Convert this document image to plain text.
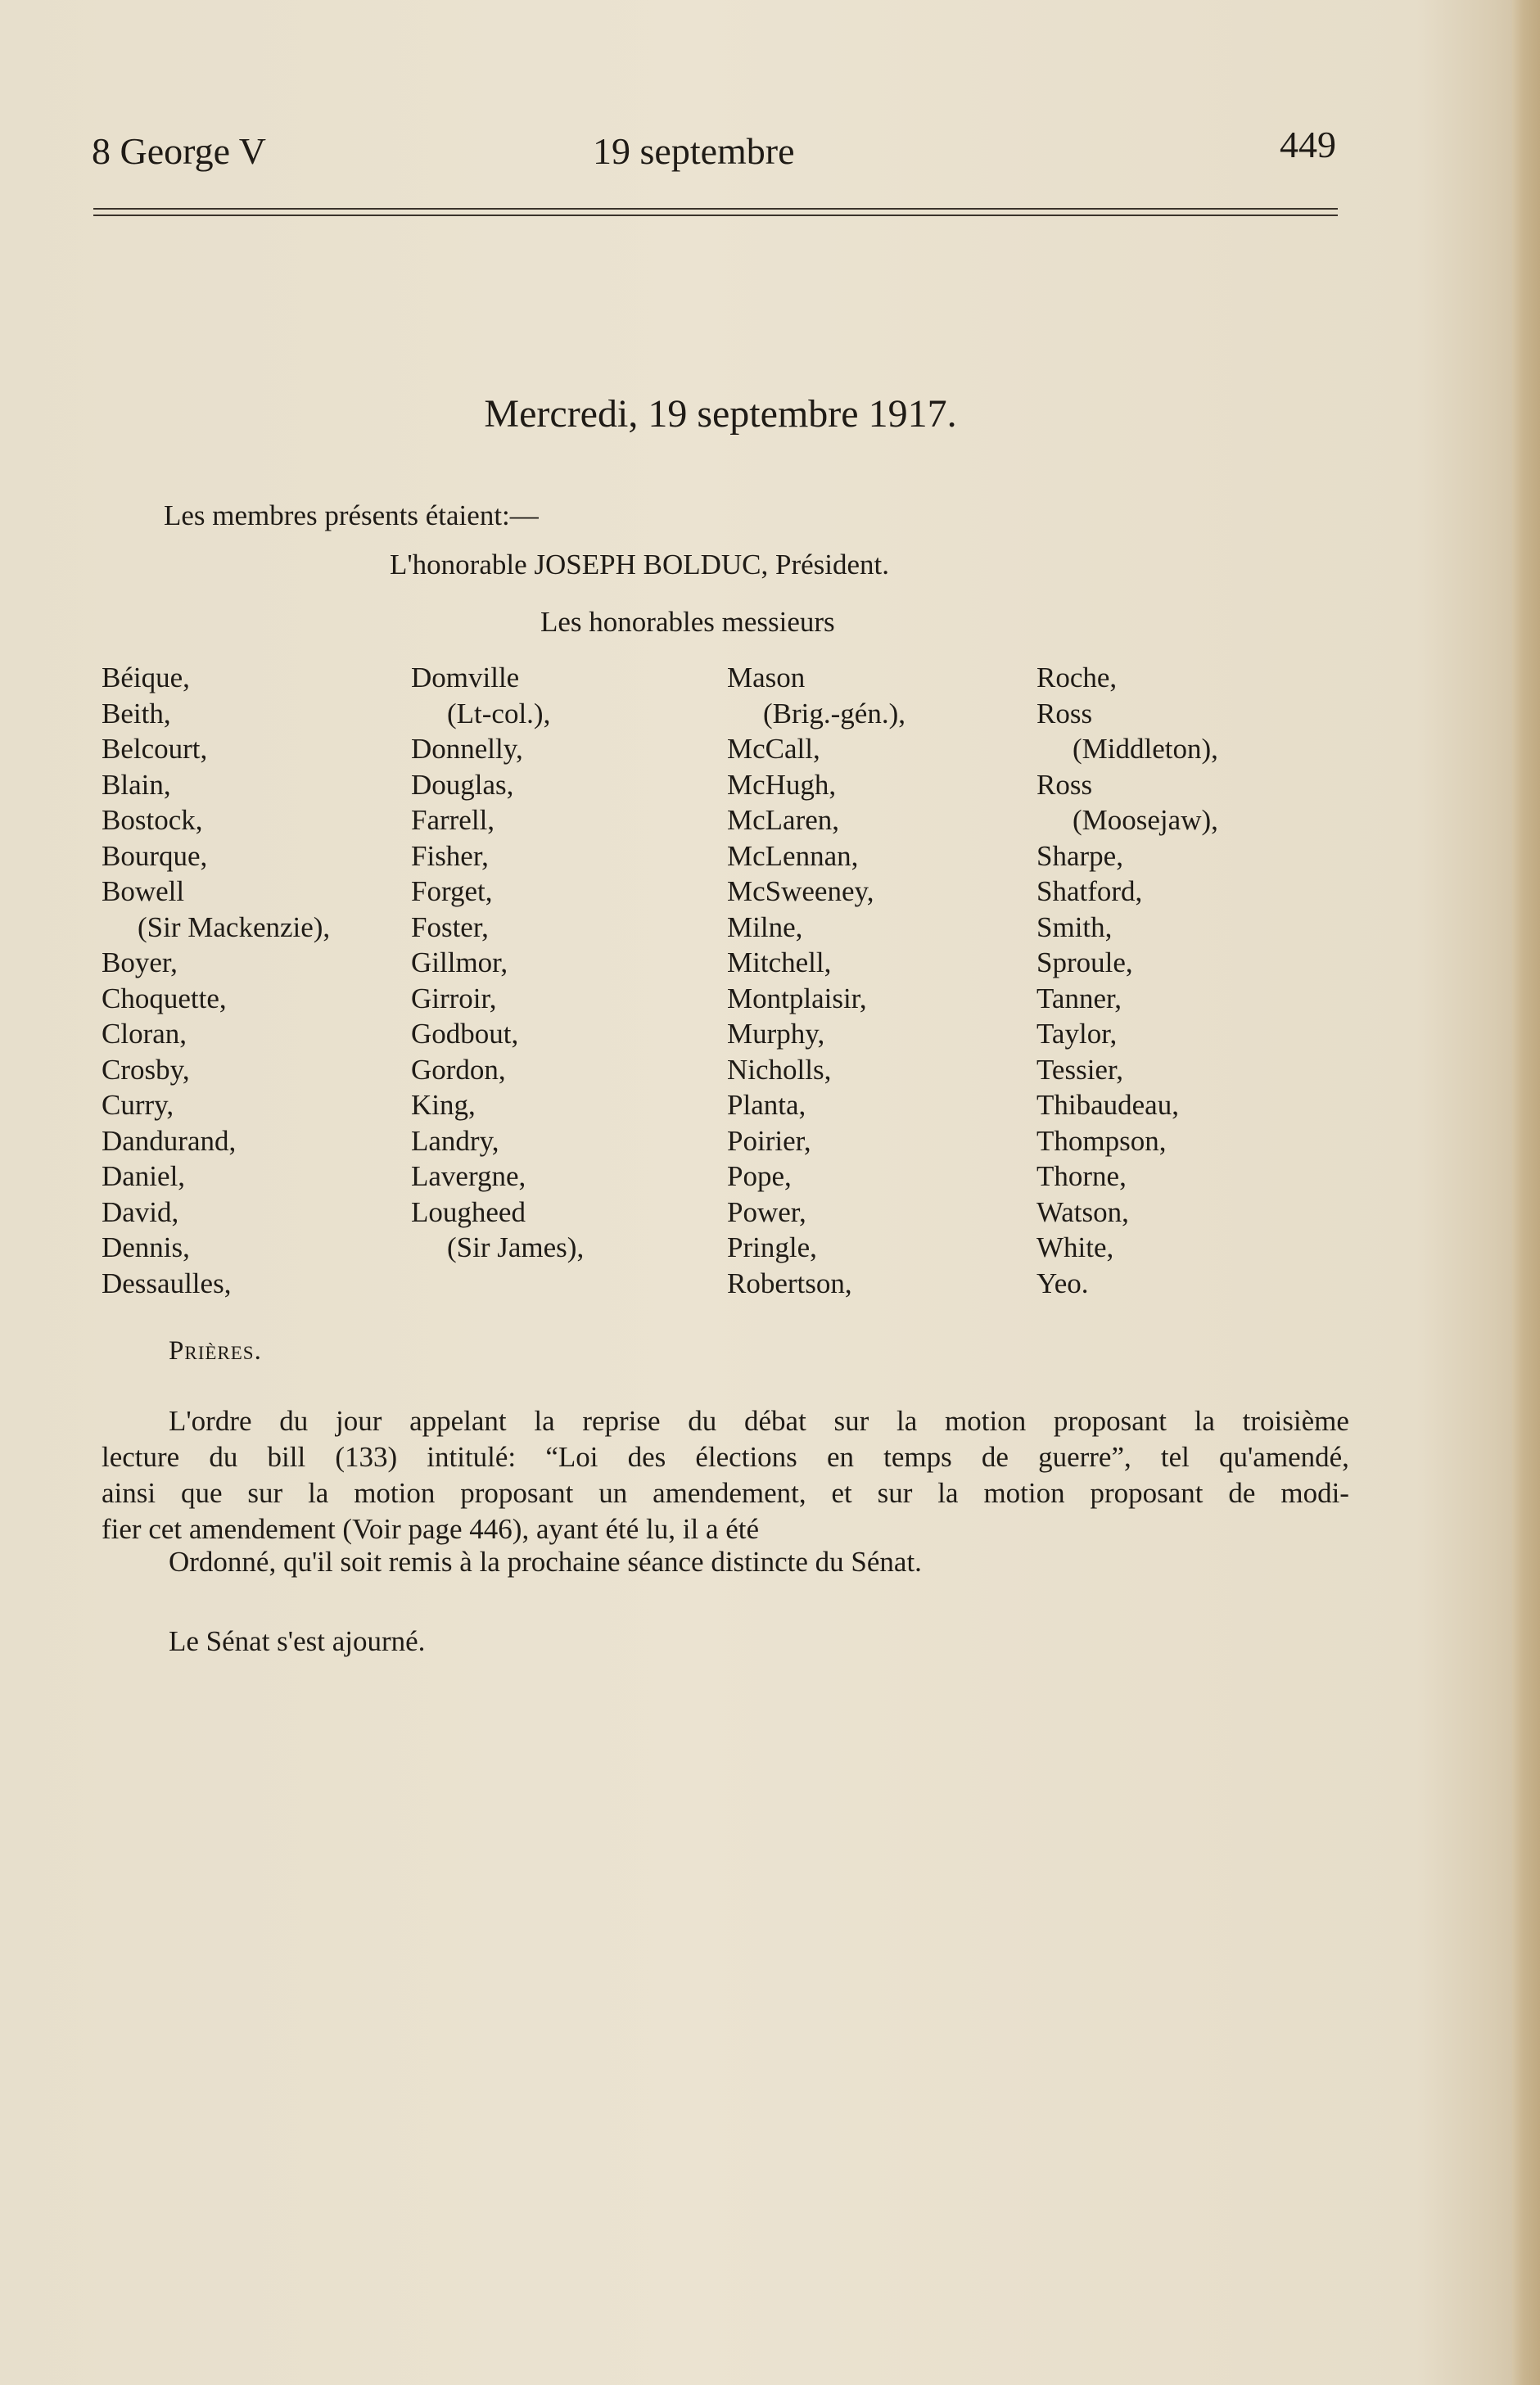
8 George V	19 septembre	449
Mercredi, 19 septembre 1917.
Les membres présents étaient:—
L'honorable JOSEPH BOLDUC, Président.
Les honorables messieurs
Béique,
Beith,
Belcourt,
Blain,
Bostock,
Bourque,
Bowell
(Sir Mackenzie),
Boyer,
Choquette,
Cloran,
Crosby,
Curry,
Dandurand,
Daniel,
David,
Dennis,
Dessaulles,
Domville
(Lt-col.),
Donnelly,
Douglas,
Farrell,
Fisher,
Forget,
Foster,
Gillmor,
Girroir,
Godbout,
Gordon,
King,
Landry,
Lavergne,
Lougheed
(Sir James),
Mason
(Brig.-gén.),
McCall,
McHugh,
McLaren,
McLennan,
McSweeney,
Milne,
Mitchell,
Montplaisir,
Murphy,
Nicholls,
Planta,
Poirier,
Pope,
Power,
Pringle,
Robertson,
Roche,
Ross
(Middleton),
Ross
(Moosejaw),
Sharpe,
Shatford,
Smith,
Sproule,
Tanner,
Taylor,
Tessier,
Thibaudeau,
Thompson,
Thorne,
Watson,
White,
Yeo.
Prières.
L'ordre du jour appelant la reprise du débat sur la motion proposant la troisième
lecture du bill (133) intitulé: “Loi des élections en temps de guerre”, tel qu'amendé,
ainsi que sur la motion proposant un amendement, et sur la motion proposant de modi-
fier cet amendement (Voir page 446), ayant été lu, il a été
Ordonné, qu'il soit remis à la prochaine séance distincte du Sénat.
Le Sénat s'est ajourné.
